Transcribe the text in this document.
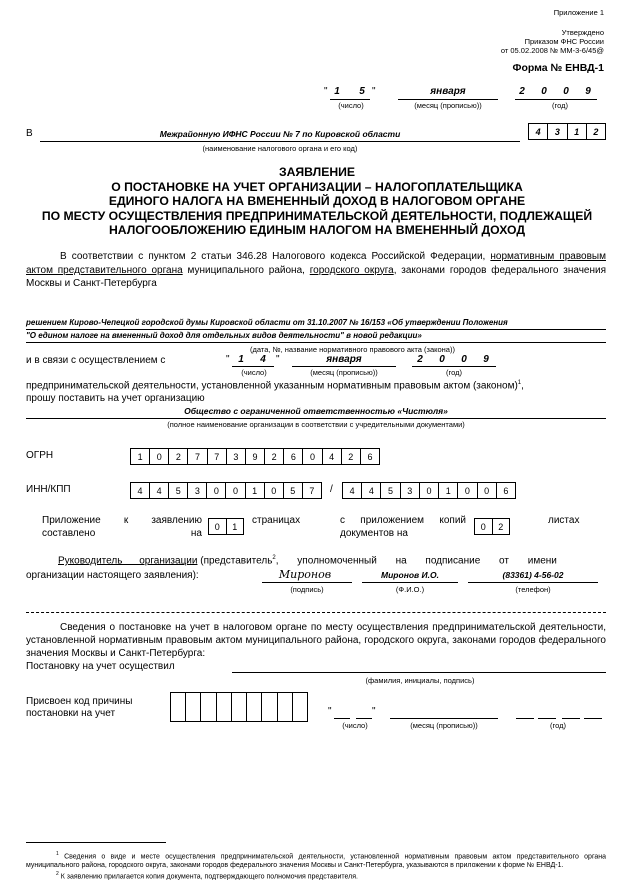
Приложение 1
Утверждено
Приказом ФНС России
от 05.02.2008 № ММ-3-6/45@
Форма № ЕНВД-1
" 1	5 "	января	2	0	0	9
(число)	(месяц (прописью))	(год)
В	Межрайонную ИФНС России № 7 по Кировской области
(наименование налогового органа и его код)
4	3	1	2
ЗАЯВЛЕНИЕ
О ПОСТАНОВКЕ НА УЧЕТ ОРГАНИЗАЦИИ – НАЛОГОПЛАТЕЛЬЩИКА
ЕДИНОГО НАЛОГА НА ВМЕНЕННЫЙ ДОХОД В НАЛОГОВОМ ОРГАНЕ
ПО МЕСТУ ОСУЩЕСТВЛЕНИЯ ПРЕДПРИНИМАТЕЛЬСКОЙ ДЕЯТЕЛЬНОСТИ, ПОДЛЕЖАЩЕЙ
НАЛОГООБЛОЖЕНИЮ ЕДИНЫМ НАЛОГОМ НА ВМЕНЕННЫЙ ДОХОД
В соответствии с пунктом 2 статьи 346.28 Налогового кодекса Российской Федерации, нормативным правовым актом представительного органа муниципального района, городского округа, законами городов федерального значения Москвы и Санкт-Петербурга
решением Кирово-Чепецкой городской думы Кировской области от 31.10.2007 № 16/153 «Об утверждении Положения
"О едином налоге на вмененный доход для отдельных видов деятельности" в новой редакции»
(дата, №, название нормативного правового акта (закона))
и в связи с осуществлением с	" 1	4	"	января	2	0	0	9
(число)	(месяц (прописью))	(год)
предпринимательской деятельности, установленной указанным нормативным правовым актом (законом)$^1$,
прошу поставить на учет организацию
Общество с ограниченной ответственностью «Чистюля»
(полное наименование организации в соответствии с учредительными документами)
ОГРН	1	0	2	7	7	3	9	2	6	0	4	2	6
ИНН/КПП	4	4	5	3	0	0	1	0	5	7	/	4	4	5	3	0	1	0	0	6
Приложение к заявлению
составлено на
0	1
страницах	с приложением копий
документов на
0	2
листах
Руководитель организации (представитель$^2$, уполномоченный на подписание от имени
организации настоящего заявления):	Миронов	Миронов И.О.	(83361) 4-56-02
(подпись)	(Ф.И.О.)	(телефон)
Сведения о постановке на учет в налоговом органе по месту осуществления предпринимательской деятельности, установленной нормативным правовым актом муниципального района, городского округа, законами городов федерального значения Москвы и Санкт-Петербурга:
Постановку на учет осуществил
(фамилия, инициалы, подпись)
Присвоен код причины
постановки на учет	"	"
(число)	(месяц (прописью))	(год)
$^1$ Сведения о виде и месте осуществления предпринимательской деятельности, установленной нормативным правовым актом представительного органа муниципального района, городского округа, законами городов федерального значения Москвы и Санкт-Петербурга, указываются в приложении к форме № ЕНВД-1.
$^2$ К заявлению прилагается копия документа, подтверждающего полномочия представителя.
